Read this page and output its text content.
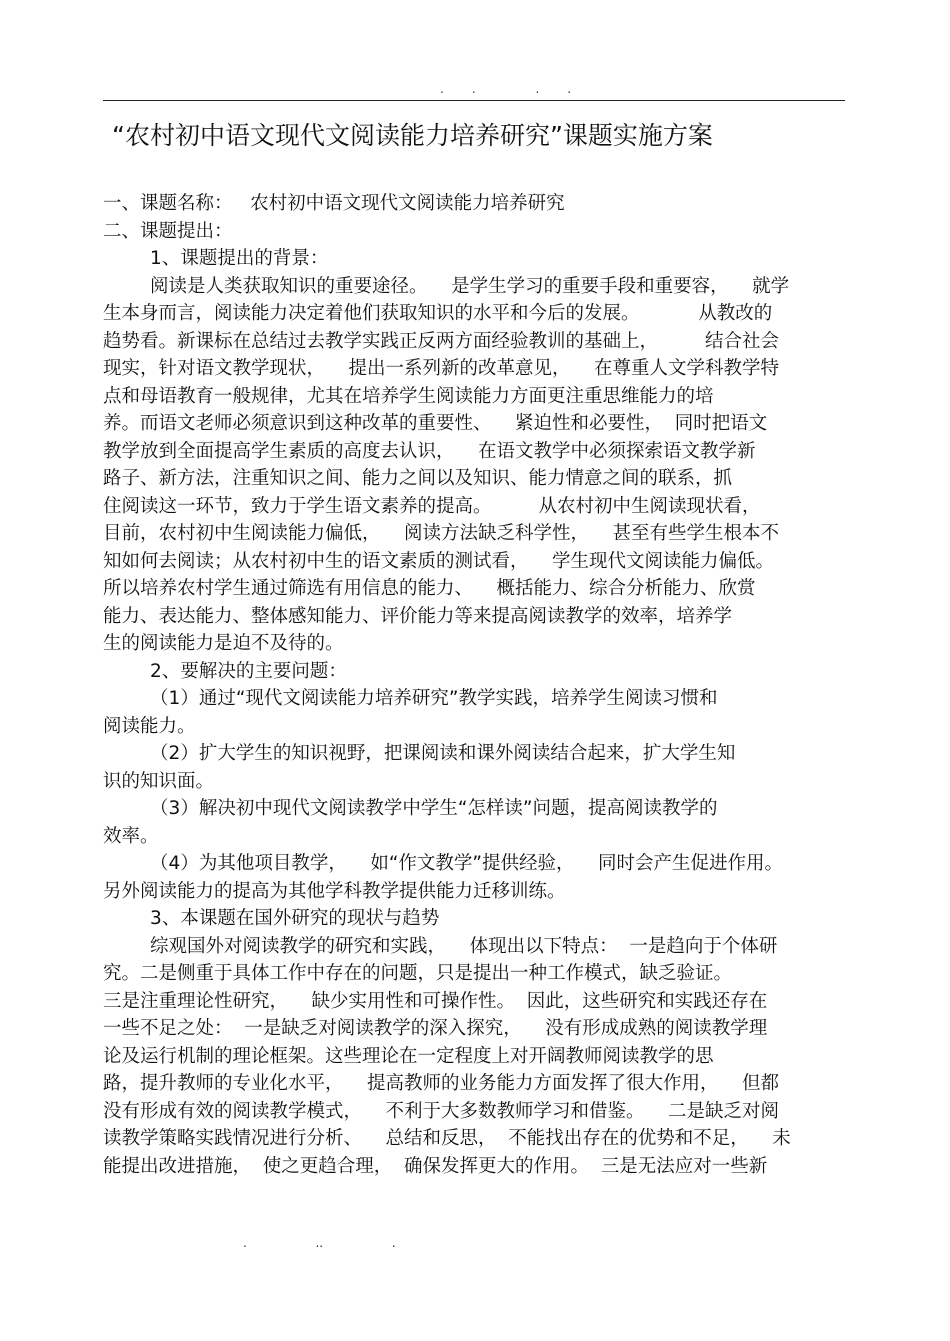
.. ..
“农村初中语文现代文阅读能力培养研究”课题实施方案
一、课题名称：   农村初中语文现代文阅读能力培养研究
二、课题提出：
1、课题提出的背景：
阅读是人类获取知识的重要途径。    是学生学习的重要手段和重要容，    就学
生本身而言，阅读能力决定着他们获取知识的水平和今后的发展。          从教改的
趋势看。新课标在总结过去教学实践正反两方面经验教训的基础上，        结合社会
现实，针对语文教学现状，    提出一系列新的改革意见，    在尊重人文学科教学特
点和母语教育一般规律，尤其在培养学生阅读能力方面更注重思维能力的培
养。而语文老师必须意识到这种改革的重要性、    紧迫性和必要性，  同时把语文
教学放到全面提高学生素质的高度去认识，    在语文教学中必须探索语文教学新
路子、新方法，注重知识之间、能力之间以及知识、能力情意之间的联系，抓
住阅读这一环节，致力于学生语文素养的提高。        从农村初中生阅读现状看，
目前，农村初中生阅读能力偏低，    阅读方法缺乏科学性，    甚至有些学生根本不
知如何去阅读；从农村初中生的语文素质的测试看，    学生现代文阅读能力偏低。
所以培养农村学生通过筛选有用信息的能力、    概括能力、综合分析能力、欣赏
能力、表达能力、整体感知能力、评价能力等来提高阅读教学的效率，培养学
生的阅读能力是迫不及待的。
2、要解决的主要问题：
（1）通过“现代文阅读能力培养研究”教学实践，培养学生阅读习惯和
阅读能力。
（2）扩大学生的知识视野，把课阅读和课外阅读结合起来，扩大学生知
识的知识面。
（3）解决初中现代文阅读教学中学生“怎样读”问题，提高阅读教学的
效率。
（4）为其他项目教学，    如“作文教学”提供经验，    同时会产生促进作用。
另外阅读能力的提高为其他学科教学提供能力迁移训练。
3、本课题在国外研究的现状与趋势
综观国外对阅读教学的研究和实践，    体现出以下特点：  一是趋向于个体研
究。二是侧重于具体工作中存在的问题，只是提出一种工作模式，缺乏验证。
三是注重理论性研究，    缺少实用性和可操作性。  因此，这些研究和实践还存在
一些不足之处：  一是缺乏对阅读教学的深入探究，    没有形成成熟的阅读教学理
论及运行机制的理论框架。这些理论在一定程度上对开阔教师阅读教学的思
路，提升教师的专业化水平，    提高教师的业务能力方面发挥了很大作用，    但都
没有形成有效的阅读教学模式，    不利于大多数教师学习和借鉴。    二是缺乏对阅
读教学策略实践情况进行分析、    总结和反思，  不能找出存在的优势和不足，    未
能提出改进措施，  使之更趋合理，  确保发挥更大的作用。  三是无法应对一些新
.                  ..                  .
